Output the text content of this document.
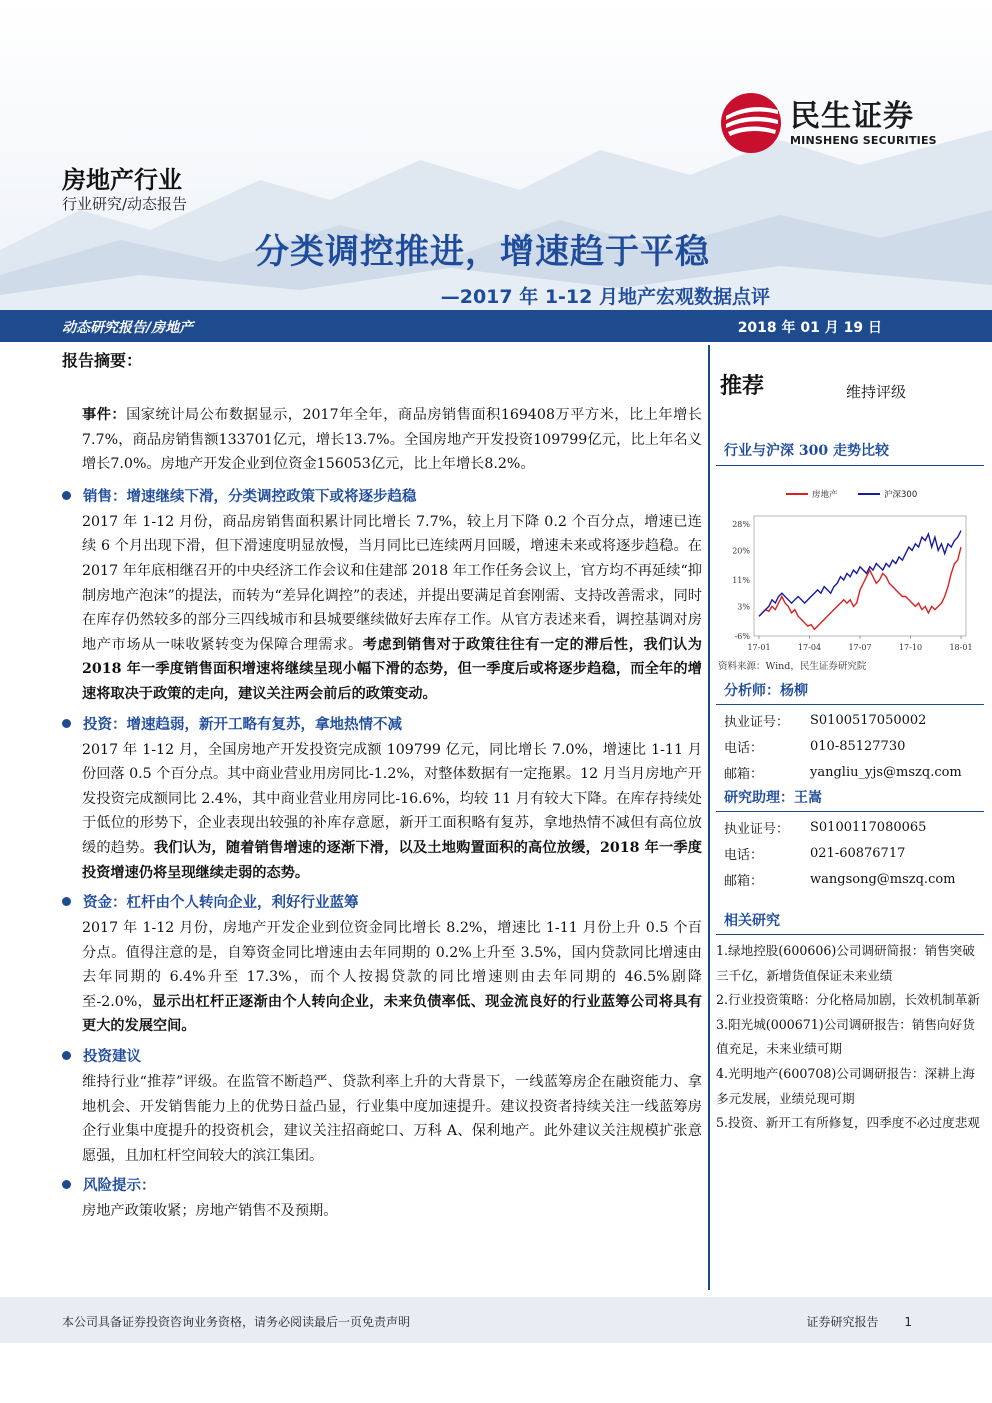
民生证券
MINSHENG SECURITIES
房地产行业
行业研究/动态报告
分类调控推进，增速趋于平稳
—2017 年 1-12 月地产宏观数据点评
动态研究报告/房地产	2018 年 01 月 19 日
报告摘要：
事件：国家统计局公布数据显示，2017年全年，商品房销售面积169408万平方米，比上年增长7.7%，商品房销售额133701亿元，增长13.7%。全国房地产开发投资109799亿元，比上年名义增长7.0%。房地产开发企业到位资金156053亿元，比上年增长8.2%。
销售：增速继续下滑，分类调控政策下或将逐步趋稳
2017 年 1-12 月份，商品房销售面积累计同比增长 7.7%，较上月下降 0.2 个百分点，增速已连续 6 个月出现下滑，但下滑速度明显放慢，当月同比已连续两月回暖，增速未来或将逐步趋稳。在 2017 年年底相继召开的中央经济工作会议和住建部 2018 年工作任务会议上，官方均不再延续“抑制房地产泡沫”的提法，而转为“差异化调控”的表述，并提出要满足首套刚需、支持改善需求，同时在库存仍然较多的部分三四线城市和县城要继续做好去库存工作。从官方表述来看，调控基调对房地产市场从一味收紧转变为保障合理需求。考虑到销售对于政策往往有一定的滞后性，我们认为 2018 年一季度销售面积增速将继续呈现小幅下滑的态势，但一季度后或将逐步趋稳，而全年的增速将取决于政策的走向，建议关注两会前后的政策变动。
投资：增速趋弱，新开工略有复苏，拿地热情不减
2017 年 1-12 月，全国房地产开发投资完成额 109799 亿元，同比增长 7.0%，增速比 1-11 月份回落 0.5 个百分点。其中商业营业用房同比-1.2%，对整体数据有一定拖累。12 月当月房地产开发投资完成额同比 2.4%，其中商业营业用房同比-16.6%，均较 11 月有较大下降。在库存持续处于低位的形势下，企业表现出较强的补库存意愿，新开工面积略有复苏，拿地热情不减但有高位放缓的趋势。我们认为，随着销售增速的逐渐下滑，以及土地购置面积的高位放缓，2018 年一季度投资增速仍将呈现继续走弱的态势。
资金：杠杆由个人转向企业，利好行业蓝筹
2017 年 1-12 月份，房地产开发企业到位资金同比增长 8.2%，增速比 1-11 月份上升 0.5 个百分点。值得注意的是，自筹资金同比增速由去年同期的 0.2%上升至 3.5%，国内贷款同比增速由去年同期的 6.4%升至 17.3%，而个人按揭贷款的同比增速则由去年同期的 46.5%剧降至-2.0%，显示出杠杆正逐渐由个人转向企业，未来负债率低、现金流良好的行业蓝筹公司将具有更大的发展空间。
投资建议
维持行业“推荐”评级。在监管不断趋严、贷款利率上升的大背景下，一线蓝筹房企在融资能力、拿地机会、开发销售能力上的优势日益凸显，行业集中度加速提升。建议投资者持续关注一线蓝筹房企行业集中度提升的投资机会，建议关注招商蛇口、万科 A、保利地产。此外建议关注规模扩张意愿强，且加杠杆空间较大的滨江集团。
风险提示：
房地产政策收紧；房地产销售不及预期。
推荐	维持评级
行业与沪深 300 走势比较
房地产	沪深300
28%
20%
11%
3%
-6%
17-01	17-04	17-07	17-10	18-01
资料来源：Wind，民生证券研究院
分析师：杨柳
执业证号：	S0100517050002
电话：	010-85127730
邮箱：	yangliu_yjs@mszq.com
研究助理：王嵩
执业证号：	S0100117080065
电话：	021-60876717
邮箱：	wangsong@mszq.com
相关研究
1.绿地控股(600606)公司调研简报：销售突破三千亿，新增货值保证未来业绩
2.行业投资策略：分化格局加剧，长效机制革新
3.阳光城(000671)公司调研报告：销售向好货值充足，未来业绩可期
4.光明地产(600708)公司调研报告：深耕上海多元发展，业绩兑现可期
5.投资、新开工有所修复，四季度不必过度悲观
本公司具备证券投资咨询业务资格，请务必阅读最后一页免责声明	证券研究报告 1
